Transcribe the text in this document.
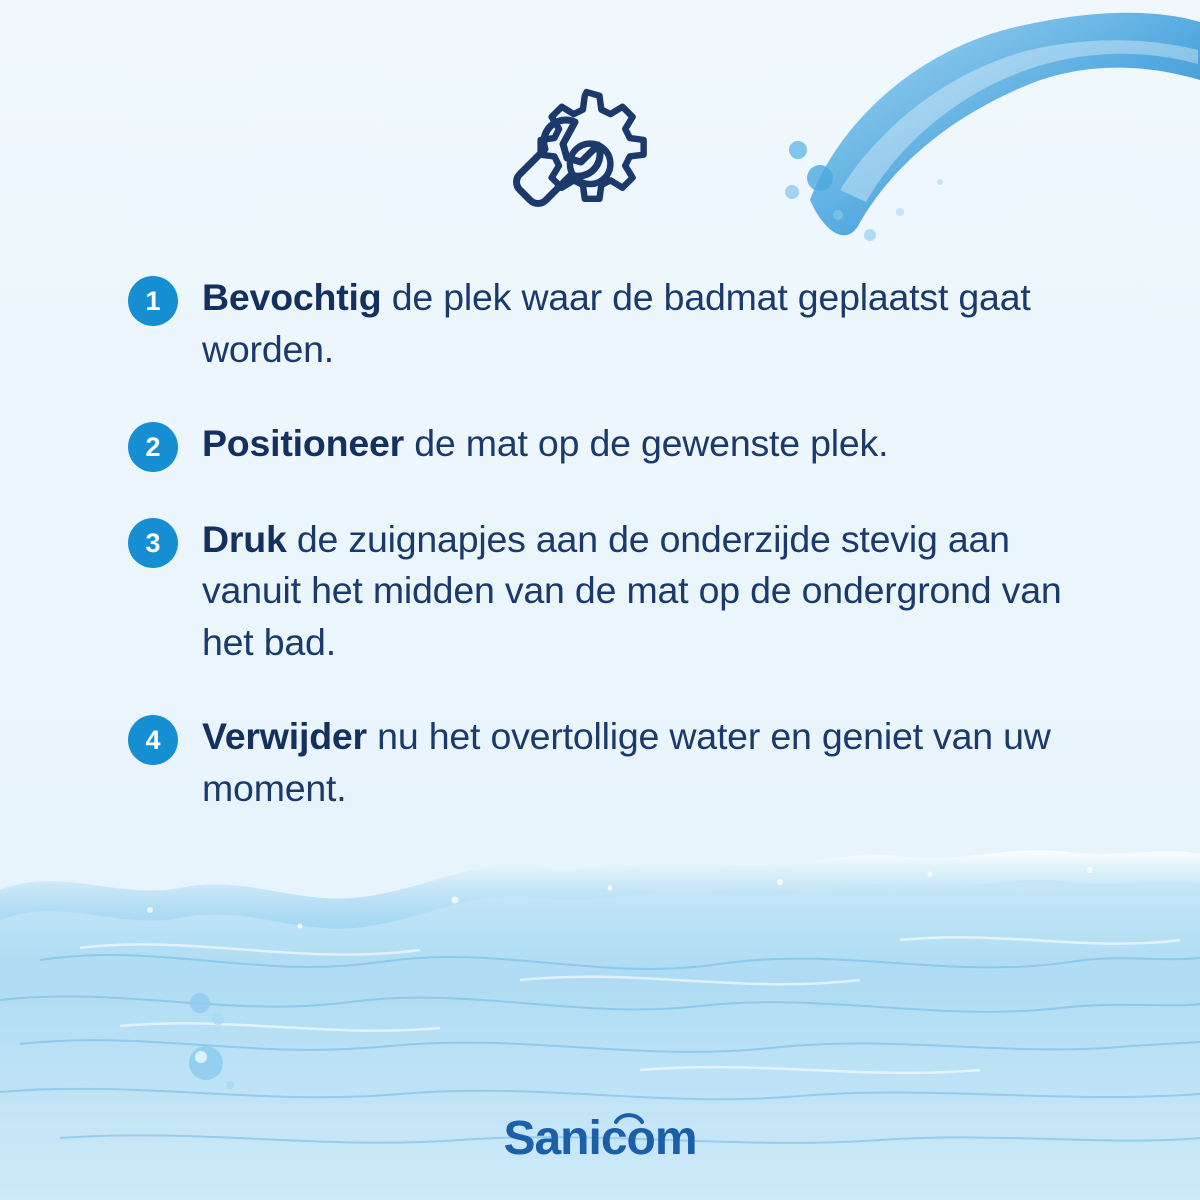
1	Bevochtig de plek waar de badmat geplaatst gaat worden.
2	Positioneer de mat op de gewenste plek.
3	Druk de zuignapjes aan de onderzijde stevig aan vanuit het midden van de mat op de ondergrond van het bad.
4	Verwijder nu het overtollige water en geniet van uw moment.
Sanicom
